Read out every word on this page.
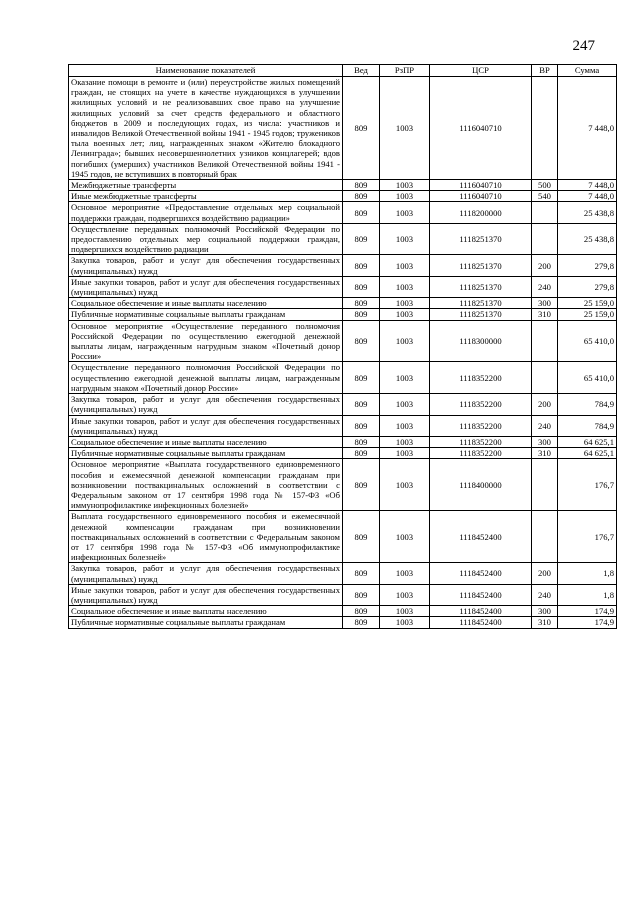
247
Наименование показателей	Вед	РзПР	ЦСР	ВР	Сумма
Оказание помощи в ремонте и (или) переустройстве жилых помещений граждан, не стоящих на учете в качестве нуждающихся в улучшении жилищных условий и не реализовавших свое право на улучшение жилищных условий за счет средств федерального и областного бюджетов в 2009 и последующих годах, из числа: участников и инвалидов Великой Отечественной войны 1941 - 1945 годов; тружеников тыла военных лет; лиц, награжденных знаком «Жителю блокадного Ленинграда»; бывших несовершеннолетних узников концлагерей; вдов погибших (умерших) участников Великой Отечественной войны 1941 - 1945 годов, не вступивших в повторный брак	809	1003	1116040710		7 448,0
Межбюджетные трансферты	809	1003	1116040710	500	7 448,0
Иные межбюджетные трансферты	809	1003	1116040710	540	7 448,0
Основное мероприятие «Предоставление отдельных мер социальной поддержки граждан, подвергшихся воздействию радиации»	809	1003	1118200000		25 438,8
Осуществление переданных полномочий Российской Федерации по предоставлению отдельных мер социальной поддержки граждан, подвергшихся воздействию радиации	809	1003	1118251370		25 438,8
Закупка товаров, работ и услуг для обеспечения государственных (муниципальных) нужд	809	1003	1118251370	200	279,8
Иные закупки товаров, работ и услуг для обеспечения государственных (муниципальных) нужд	809	1003	1118251370	240	279,8
Социальное обеспечение и иные выплаты населению	809	1003	1118251370	300	25 159,0
Публичные нормативные социальные выплаты гражданам	809	1003	1118251370	310	25 159,0
Основное мероприятие «Осуществление переданного полномочия Российской Федерации по осуществлению ежегодной денежной выплаты лицам, награжденным нагрудным знаком «Почетный донор России»	809	1003	1118300000		65 410,0
Осуществление переданного полномочия Российской Федерации по осуществлению ежегодной денежной выплаты лицам, награжденным нагрудным знаком «Почетный донор России»	809	1003	1118352200		65 410,0
Закупка товаров, работ и услуг для обеспечения государственных (муниципальных) нужд	809	1003	1118352200	200	784,9
Иные закупки товаров, работ и услуг для обеспечения государственных (муниципальных) нужд	809	1003	1118352200	240	784,9
Социальное обеспечение и иные выплаты населению	809	1003	1118352200	300	64 625,1
Публичные нормативные социальные выплаты гражданам	809	1003	1118352200	310	64 625,1
Основное мероприятие «Выплата государственного единовременного пособия и ежемесячной денежной компенсации гражданам при возникновении поствакцинальных осложнений в соответствии с Федеральным законом от 17 сентября 1998 года № 157-ФЗ «Об иммунопрофилактике инфекционных болезней»	809	1003	1118400000		176,7
Выплата государственного единовременного пособия и ежемесячной денежной компенсации гражданам при возникновении поствакцинальных осложнений в соответствии с Федеральным законом от 17 сентября 1998 года № 157-ФЗ «Об иммунопрофилактике инфекционных болезней»	809	1003	1118452400		176,7
Закупка товаров, работ и услуг для обеспечения государственных (муниципальных) нужд	809	1003	1118452400	200	1,8
Иные закупки товаров, работ и услуг для обеспечения государственных (муниципальных) нужд	809	1003	1118452400	240	1,8
Социальное обеспечение и иные выплаты населению	809	1003	1118452400	300	174,9
Публичные нормативные социальные выплаты гражданам	809	1003	1118452400	310	174,9
